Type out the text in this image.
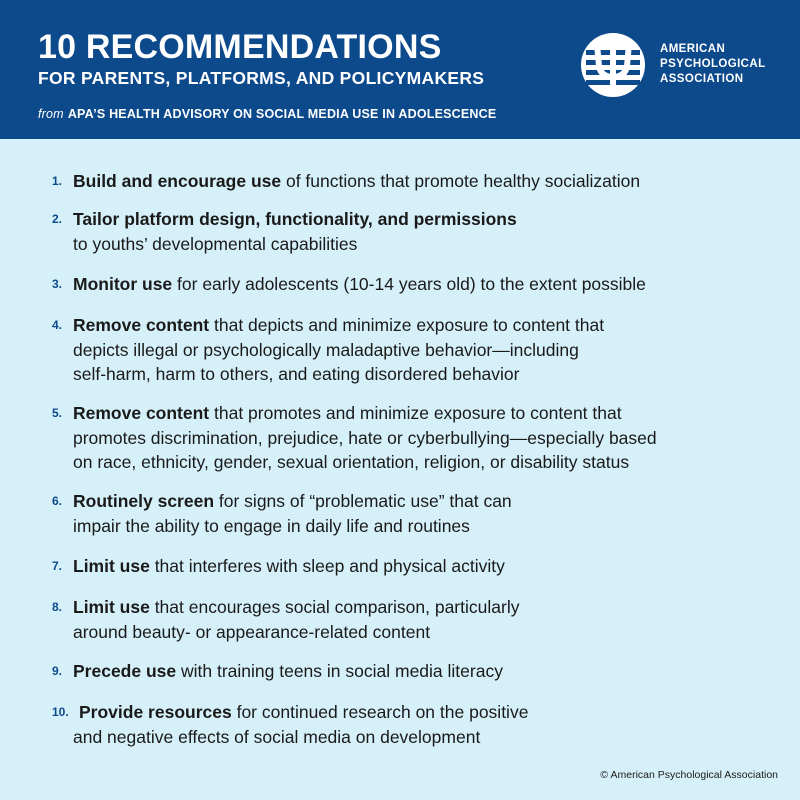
10 RECOMMENDATIONS
FOR PARENTS, PLATFORMS, AND POLICYMAKERS
from APA’S HEALTH ADVISORY ON SOCIAL MEDIA USE IN ADOLESCENCE
AMERICAN
PSYCHOLOGICAL
ASSOCIATION
1. Build and encourage use of functions that promote healthy socialization
2. Tailor platform design, functionality, and permissions
to youths’ developmental capabilities
3. Monitor use for early adolescents (10-14 years old) to the extent possible
4. Remove content that depicts and minimize exposure to content that
depicts illegal or psychologically maladaptive behavior—including
self-harm, harm to others, and eating disordered behavior
5. Remove content that promotes and minimize exposure to content that
promotes discrimination, prejudice, hate or cyberbullying—especially based
on race, ethnicity, gender, sexual orientation, religion, or disability status
6. Routinely screen for signs of “problematic use” that can
impair the ability to engage in daily life and routines
7. Limit use that interferes with sleep and physical activity
8. Limit use that encourages social comparison, particularly
around beauty- or appearance-related content
9. Precede use with training teens in social media literacy
10. Provide resources for continued research on the positive
and negative effects of social media on development
© American Psychological Association
